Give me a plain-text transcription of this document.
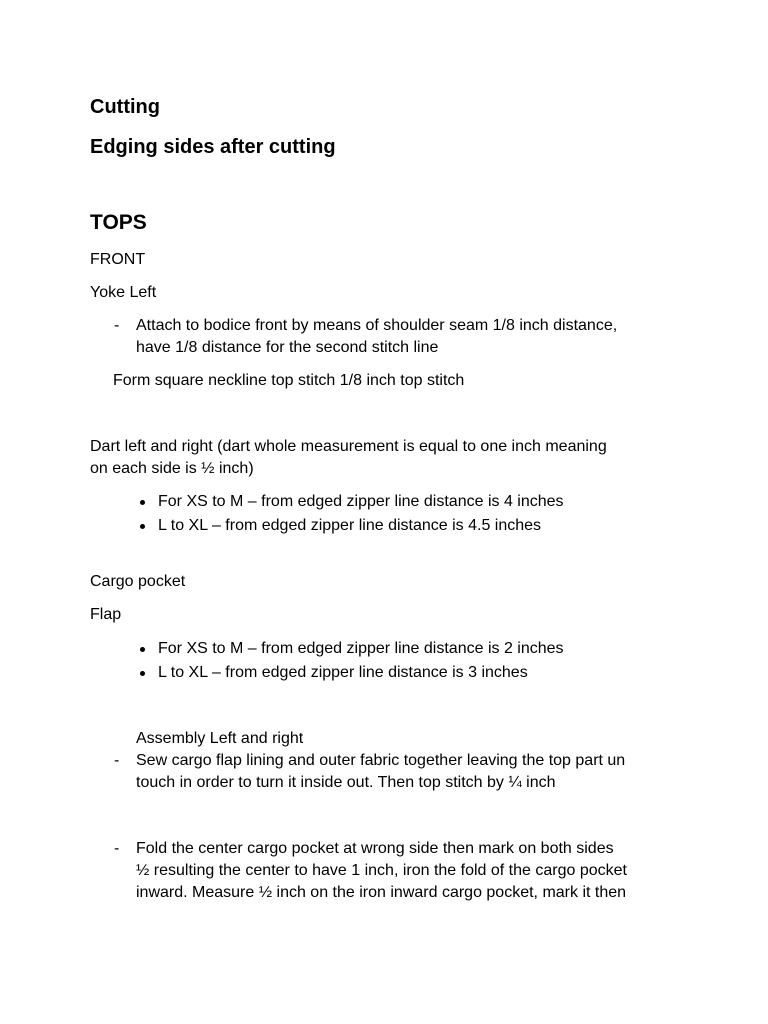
Cutting
Edging sides after cutting
TOPS
FRONT
Yoke Left
- Attach to bodice front by means of shoulder seam 1/8 inch distance,
have 1/8 distance for the second stitch line
Form square neckline top stitch 1/8 inch top stitch
Dart left and right (dart whole measurement is equal to one inch meaning
on each side is ½ inch)
For XS to M – from edged zipper line distance is 4 inches
L to XL – from edged zipper line distance is 4.5 inches
Cargo pocket
Flap
For XS to M – from edged zipper line distance is 2 inches
L to XL – from edged zipper line distance is 3 inches
Assembly Left and right
- Sew cargo flap lining and outer fabric together leaving the top part un
touch in order to turn it inside out. Then top stitch by ¼ inch
- Fold the center cargo pocket at wrong side then mark on both sides
½ resulting the center to have 1 inch, iron the fold of the cargo pocket
inward. Measure ½ inch on the iron inward cargo pocket, mark it then
